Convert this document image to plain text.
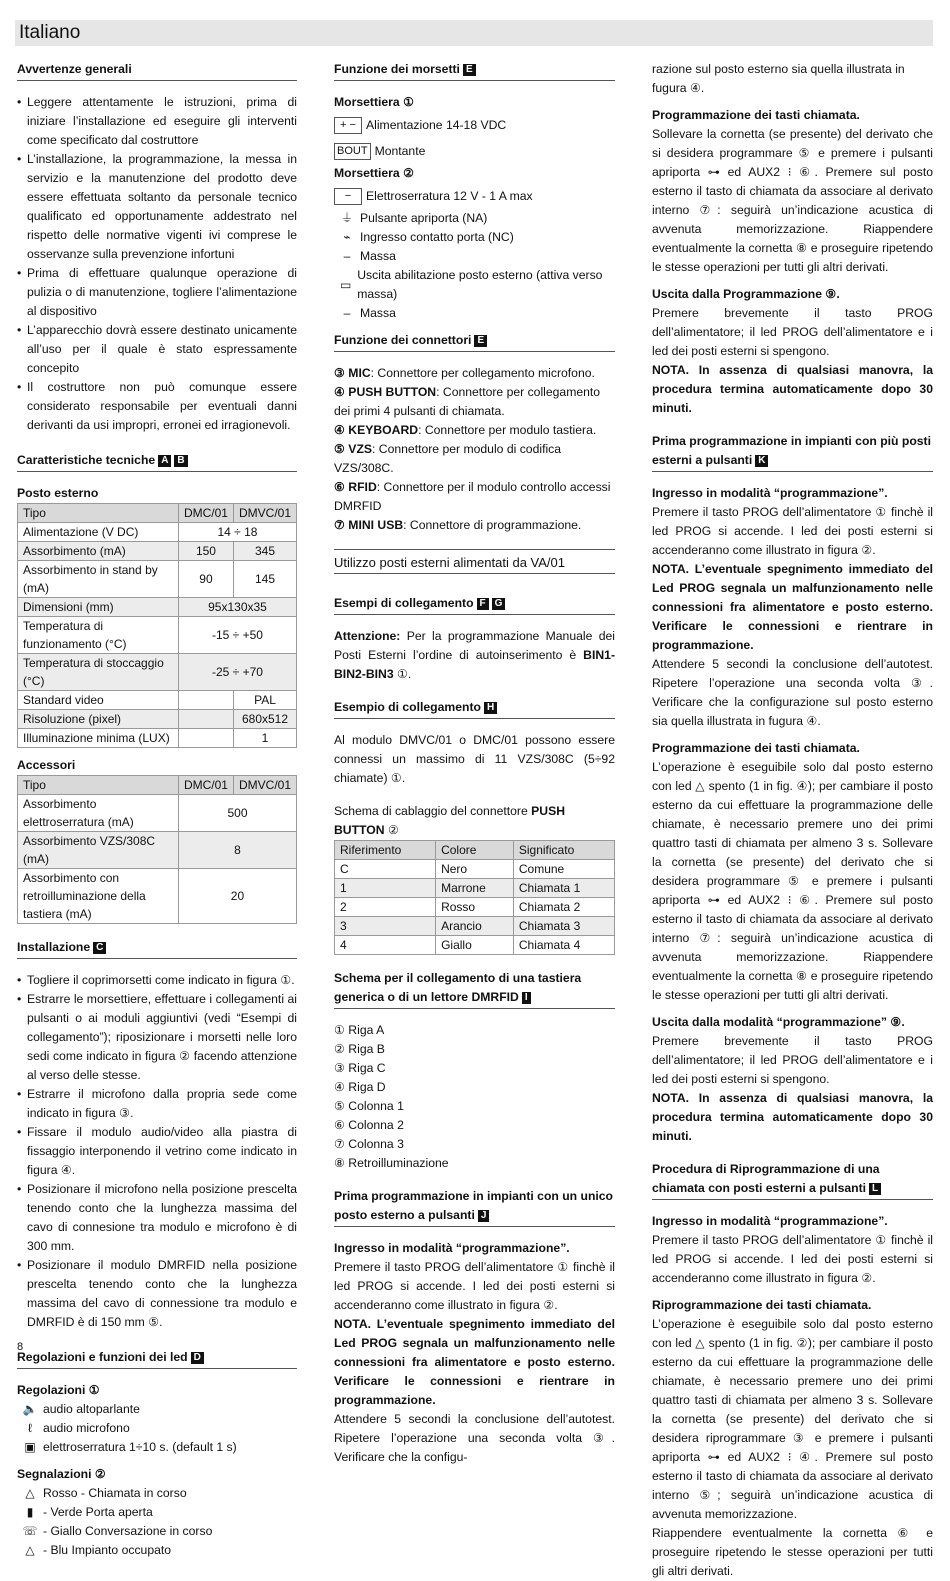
Italiano
Avvertenze generali
• Leggere attentamente le istruzioni, prima di iniziare l’installazione ed eseguire gli interventi come specificato dal costruttore
• L’installazione, la programmazione, la messa in servizio e la manutenzione del prodotto deve essere effettuata soltanto da personale tecnico qualificato ed opportunamente addestrato nel rispetto delle normative vigenti ivi comprese le osservanze sulla prevenzione infortuni
• Prima di effettuare qualunque operazione di pulizia o di manutenzione, togliere l’alimentazione al dispositivo
• L’apparecchio dovrà essere destinato unicamente all’uso per il quale è stato espressamente concepito
• Il costruttore non può comunque essere considerato responsabile per eventuali danni derivanti da usi impropri, erronei ed irragionevoli.
Caratteristiche tecniche A B

Posto esterno

Tipo	DMC/01	DMVC/01
Alimentazione (V DC)	14 ÷ 18	
Assorbimento (mA)	150	345
Assorbimento in stand by (mA)	90	145
Dimensioni (mm)	95x130x35	
Temperatura di funzionamento (°C)	-15 ÷ +50	
Temperatura di stoccaggio (°C)	-25 ÷ +70	
Standard video		PAL
Risoluzione (pixel)		680x512
Illuminazione minima (LUX)		1

Accessori

Tipo	DMC/01	DMVC/01
Assorbimento elettroserratura (mA)	500	
Assorbimento VZS/308C (mA)	8	
Assorbimento con retroilluminazione della tastiera (mA)	20	
Installazione C
• Togliere il coprimorsetti come indicato in figura ①.
• Estrarre le morsettiere, effettuare i collegamenti ai pulsanti o ai moduli aggiuntivi (vedi “Esempi di collegamento”); riposizionare i morsetti nelle loro sedi come indicato in figura ② facendo attenzione al verso delle stesse.
• Estrarre il microfono dalla propria sede come indicato in figura ③.
• Fissare il modulo audio/video alla piastra di fissaggio interponendo il vetrino come indicato in figura ④.
• Posizionare il microfono nella posizione prescelta tenendo conto che la lunghezza massima del cavo di connesione tra modulo e microfono è di 300 mm.
• Posizionare il modulo DMRFID nella posizione prescelta tenendo conto che la lunghezza massima del cavo di connessione tra modulo e DMRFID è di 150 mm ⑤.
Regolazioni e funzioni dei led D

Regolazioni ①

🔈 audio altoparlante
ℓ audio microfono
▣ elettroserratura 1÷10 s. (default 1 s)

Segnalazioni ②

△ Rosso - Chiamata in corso
▮ - Verde Porta aperta
☏ - Giallo Conversazione in corso
△ - Blu Impianto occupato
Funzione dei morsetti E

Morsettiera ①

+ − Alimentazione 14-18 VDC
BOUT Montante

Morsettiera ②

−	Elettroserratura 12 V - 1 A max
⏚ Pulsante apriporta (NA)
⌁ Ingresso contatto porta (NC)
– Massa
▭
Uscita abilitazione posto esterno (attiva verso massa)
– Massa
Funzione dei connettori E

③ MIC: Connettore per collegamento microfono.

④ PUSH BUTTON: Connettore per collegamento dei primi 4 pulsanti di chiamata.

④ KEYBOARD: Connettore per modulo tastiera.

⑤ VZS: Connettore per modulo di codifica VZS/308C.

⑥ RFID: Connettore per il modulo controllo accessi DMRFID

⑦ MINI USB: Connettore di programmazione.

Utilizzo posti esterni alimentati da VA/01
Esempi di collegamento F G

Attenzione: Per la programmazione Manuale dei Posti Esterni l’ordine di autoinserimento è BIN1-BIN2-BIN3 ①.

Esempio di collegamento H

Al modulo DMVC/01 o DMC/01 possono essere connessi un massimo di 11 VZS/308C (5÷92 chiamate) ①.

Schema di cablaggio del connettore PUSH BUTTON ②

Riferimento	Colore	Significato
C	Nero	Comune
1	Marrone	Chiamata 1
2	Rosso	Chiamata 2
3	Arancio	Chiamata 3
4	Giallo	Chiamata 4
Schema per il collegamento di una tastiera generica o di un lettore DMRFID I

① Riga A

② Riga B

③ Riga C

④ Riga D

⑤ Colonna 1

⑥ Colonna 2

⑦ Colonna 3

⑧ Retroilluminazione

Prima programmazione in impianti con un unico posto esterno a pulsanti J

Ingresso in modalità “programmazione”.

Premere il tasto PROG dell’alimentatore ① finchè il led PROG si accende. I led dei posti esterni si accenderanno come illustrato in figura ②.

NOTA. L’eventuale spegnimento immediato del Led PROG segnala un malfunzionamento nelle connessioni fra alimentatore e posto esterno. Verificare le connessioni e rientrare in programmazione.

Attendere 5 secondi la conclusione dell’autotest. Ripetere l’operazione una seconda volta ③. Verificare che la configu-

razione sul posto esterno sia quella illustrata in fugura ④.

Programmazione dei tasti chiamata.

Sollevare la cornetta (se presente) del derivato che si desidera programmare ⑤ e premere i pulsanti apriporta ⊶ ed AUX2 ⁝ ⑥. Premere sul posto esterno il tasto di chiamata da associare al derivato interno ⑦: seguirà un’indicazione acustica di avvenuta memorizzazione. Riappendere eventualmente la cornetta ⑧ e proseguire ripetendo le stesse operazioni per tutti gli altri derivati.

Uscita dalla Programmazione ⑨.

Premere brevemente il tasto PROG dell’alimentatore; il led PROG dell’alimentatore e i led dei posti esterni si spengono.

NOTA. In assenza di qualsiasi manovra, la procedura termina automaticamente dopo 30 minuti.

Prima programmazione in impianti con più posti esterni a pulsanti K

Ingresso in modalità “programmazione”.

Premere il tasto PROG dell’alimentatore ① finchè il led PROG si accende. I led dei posti esterni si accenderanno come illustrato in figura ②.

NOTA. L’eventuale spegnimento immediato del Led PROG segnala un malfunzionamento nelle connessioni fra alimentatore e posto esterno. Verificare le connessioni e rientrare in programmazione.

Attendere 5 secondi la conclusione dell’autotest. Ripetere l’operazione una seconda volta ③. Verificare che la configurazione sul posto esterno sia quella illustrata in fugura ④.

Programmazione dei tasti chiamata.

L’operazione è eseguibile solo dal posto esterno con led △ spento (1 in fig. ④); per cambiare il posto esterno da cui effettuare la programmazione delle chiamate, è necessario premere uno dei primi quattro tasti di chiamata per almeno 3 s. Sollevare la cornetta (se presente) del derivato che si desidera programmare ⑤ e premere i pulsanti apriporta ⊶ ed AUX2 ⁝ ⑥. Premere sul posto esterno il tasto di chiamata da associare al derivato interno ⑦: seguirà un’indicazione acustica di avvenuta memorizzazione. Riappendere eventualmente la cornetta ⑧ e proseguire ripetendo le stesse operazioni per tutti gli altri derivati.

Uscita dalla modalità “programmazione” ⑨.

Premere brevemente il tasto PROG dell’alimentatore; il led PROG dell’alimentatore e i led dei posti esterni si spengono.

NOTA. In assenza di qualsiasi manovra, la procedura termina automaticamente dopo 30 minuti.

Procedura di Riprogrammazione di una chiamata con posti esterni a pulsanti L

Ingresso in modalità “programmazione”.

Premere il tasto PROG dell’alimentatore ① finchè il led PROG si accende. I led dei posti esterni si accenderanno come illustrato in figura ②.

Riprogrammazione dei tasti chiamata.

L’operazione è eseguibile solo dal posto esterno con led △ spento (1 in fig. ②); per cambiare il posto esterno da cui effettuare la programmazione delle chiamate, è necessario premere uno dei primi quattro tasti di chiamata per almeno 3 s. Sollevare la cornetta (se presente) del derivato che si desidera riprogrammare ③ e premere i pulsanti apriporta ⊶ ed AUX2 ⁝ ④. Premere sul posto esterno il tasto di chiamata da associare al derivato interno ⑤; seguirà un’indicazione acustica di avvenuta memorizzazione.

Riappendere eventualmente la cornetta ⑥ e proseguire ripetendo le stesse operazioni per tutti gli altri derivati.

8
